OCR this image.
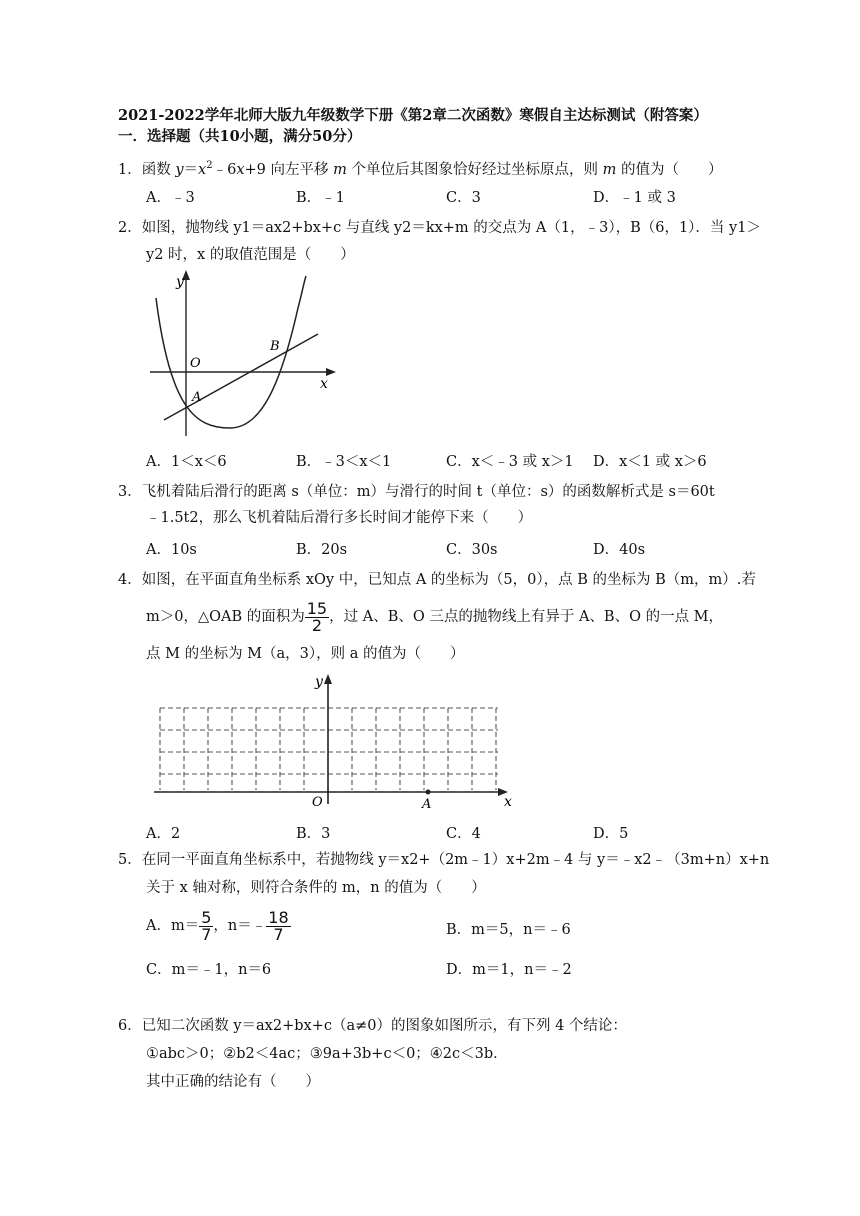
2021-2022学年北师大版九年级数学下册《第2章二次函数》寒假自主达标测试（附答案）
一．选择题（共10小题，满分50分）
1．函数 $y=x^2﹣6x+9$ 向左平移 m 个单位后其图象恰好经过坐标原点，则 m 的值为（　　）
A．﹣3	B．﹣1	C．3	D．﹣1 或 3
2．如图，抛物线 y1＝ax2+bx+c 与直线 y2＝kx+m 的交点为 A（1，﹣3），B（6，1）．当 y1＞
y2 时，x 的取值范围是（　　）
y
x
O
A
B
A．1＜x＜6	B．﹣3＜x＜1	C．x＜﹣3 或 x＞1 D．x＜1 或 x＞6
3．飞机着陆后滑行的距离 s（单位：m）与滑行的时间 t（单位：s）的函数解析式是 s＝60t
﹣1.5t2，那么飞机着陆后滑行多长时间才能停下来（　　）
A．10s	B．20s	C．30s	D．40s
4．如图，在平面直角坐标系 xOy 中，已知点 A 的坐标为（5，0），点 B 的坐标为 B（m，m）.若
m＞0，△OAB 的面积为 $\frac{15}{2}$ ，过 A、B、O 三点的抛物线上有异于 A、B、O 的一点 M，
点 M 的坐标为 M（a，3），则 a 的值为（　　）
y
x
O	A
A．2	B．3	C．4	D．5
5．在同一平面直角坐标系中，若抛物线 y＝x2+（2m﹣1）x+2m﹣4 与 y＝﹣x2﹣（3m+n）x+n
关于 x 轴对称，则符合条件的 m，n 的值为（　　）
A．$m= \frac{5}{7}$ ，n＝﹣ $\frac{18}{7}$	B．m＝5，n＝﹣6
C．m＝﹣1，n＝6	D．m＝1，n＝﹣2
6．已知二次函数 y＝ax2+bx+c（a≠0）的图象如图所示，有下列 4 个结论：
①abc＞0；②b2＜4ac；③9a+3b+c＜0；④2c＜3b．
其中正确的结论有（　　）
